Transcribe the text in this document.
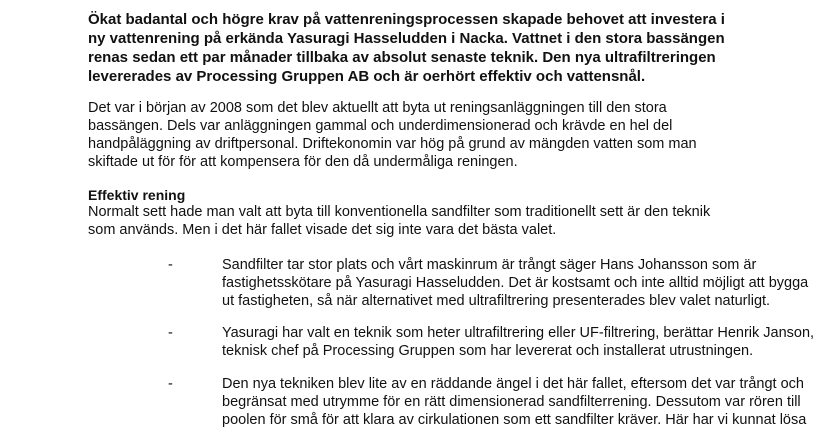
Ökat badantal och högre krav på vattenreningsprocessen skapade behovet att investera i
ny vattenrening på erkända Yasuragi Hasseludden i Nacka. Vattnet i den stora bassängen
renas sedan ett par månader tillbaka av absolut senaste teknik. Den nya ultrafiltreringen
levererades av Processing Gruppen AB och är oerhört effektiv och vattensnål.
Det var i början av 2008 som det blev aktuellt att byta ut reningsanläggningen till den stora
bassängen. Dels var anläggningen gammal och underdimensionerad och krävde en hel del
handpåläggning av driftpersonal. Driftekonomin var hög på grund av mängden vatten som man
skiftade ut för för att kompensera för den då undermåliga reningen.
Effektiv rening
Normalt sett hade man valt att byta till konventionella sandfilter som traditionellt sett är den teknik
som används. Men i det här fallet visade det sig inte vara det bästa valet.
-	Sandfilter tar stor plats och vårt maskinrum är trångt säger Hans Johansson som är
fastighetsskötare på Yasuragi Hasseludden. Det är kostsamt och inte alltid möjligt att bygga
ut fastigheten, så när alternativet med ultrafiltrering presenterades blev valet naturligt.
-	Yasuragi har valt en teknik som heter ultrafiltrering eller UF-filtrering, berättar Henrik Janson,
teknisk chef på Processing Gruppen som har levererat och installerat utrustningen.
-	Den nya tekniken blev lite av en räddande ängel i det här fallet, eftersom det var trångt och
begränsat med utrymme för en rätt dimensionerad sandfilterrening. Dessutom var rören till
poolen för små för att klara av cirkulationen som ett sandfilter kräver. Här har vi kunnat lösa
